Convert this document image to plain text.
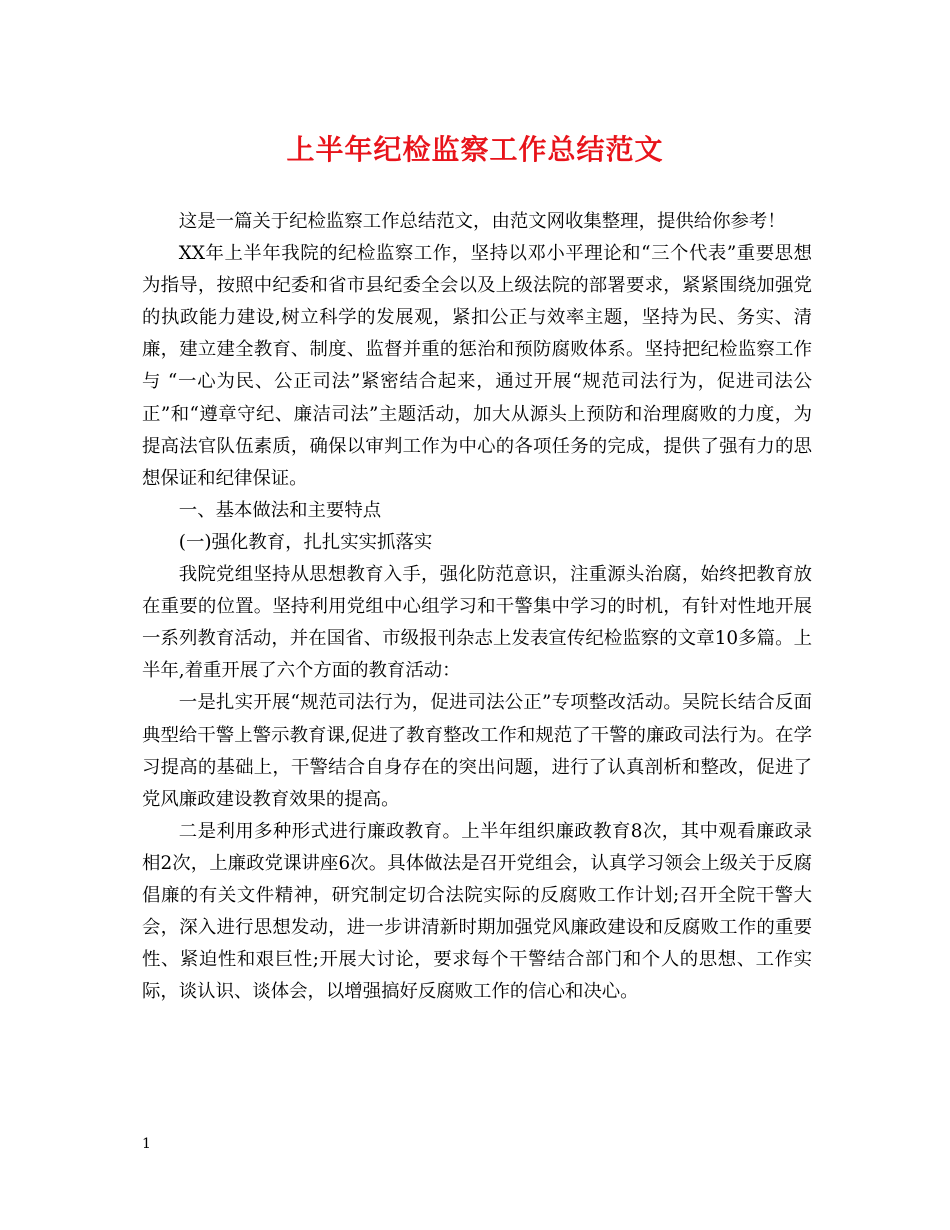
上半年纪检监察工作总结范文

这是一篇关于纪检监察工作总结范文，由范文网收集整理，提供给你参考！

XX年上半年我院的纪检监察工作，坚持以邓小平理论和“三个代表”重要思想为指导，按照中纪委和省市县纪委全会以及上级法院的部署要求，紧紧围绕加强党的执政能力建设,树立科学的发展观，紧扣公正与效率主题，坚持为民、务实、清廉，建立建全教育、制度、监督并重的惩治和预防腐败体系。坚持把纪检监察工作与 “一心为民、公正司法”紧密结合起来，通过开展“规范司法行为，促进司法公正”和“遵章守纪、廉洁司法”主题活动，加大从源头上预防和治理腐败的力度，为提高法官队伍素质，确保以审判工作为中心的各项任务的完成，提供了强有力的思想保证和纪律保证。

一、基本做法和主要特点

(一)强化教育，扎扎实实抓落实

我院党组坚持从思想教育入手，强化防范意识，注重源头治腐，始终把教育放在重要的位置。坚持利用党组中心组学习和干警集中学习的时机，有针对性地开展一系列教育活动，并在国省、市级报刊杂志上发表宣传纪检监察的文章10多篇。上半年,着重开展了六个方面的教育活动：

一是扎实开展“规范司法行为，促进司法公正”专项整改活动。吴院长结合反面典型给干警上警示教育课,促进了教育整改工作和规范了干警的廉政司法行为。在学习提高的基础上，干警结合自身存在的突出问题，进行了认真剖析和整改，促进了党风廉政建设教育效果的提高。

二是利用多种形式进行廉政教育。上半年组织廉政教育8次，其中观看廉政录相2次，上廉政党课讲座6次。具体做法是召开党组会，认真学习领会上级关于反腐倡廉的有关文件精神，研究制定切合法院实际的反腐败工作计划;召开全院干警大会，深入进行思想发动，进一步讲清新时期加强党风廉政建设和反腐败工作的重要性、紧迫性和艰巨性;开展大讨论，要求每个干警结合部门和个人的思想、工作实际，谈认识、谈体会，以增强搞好反腐败工作的信心和决心。

1
